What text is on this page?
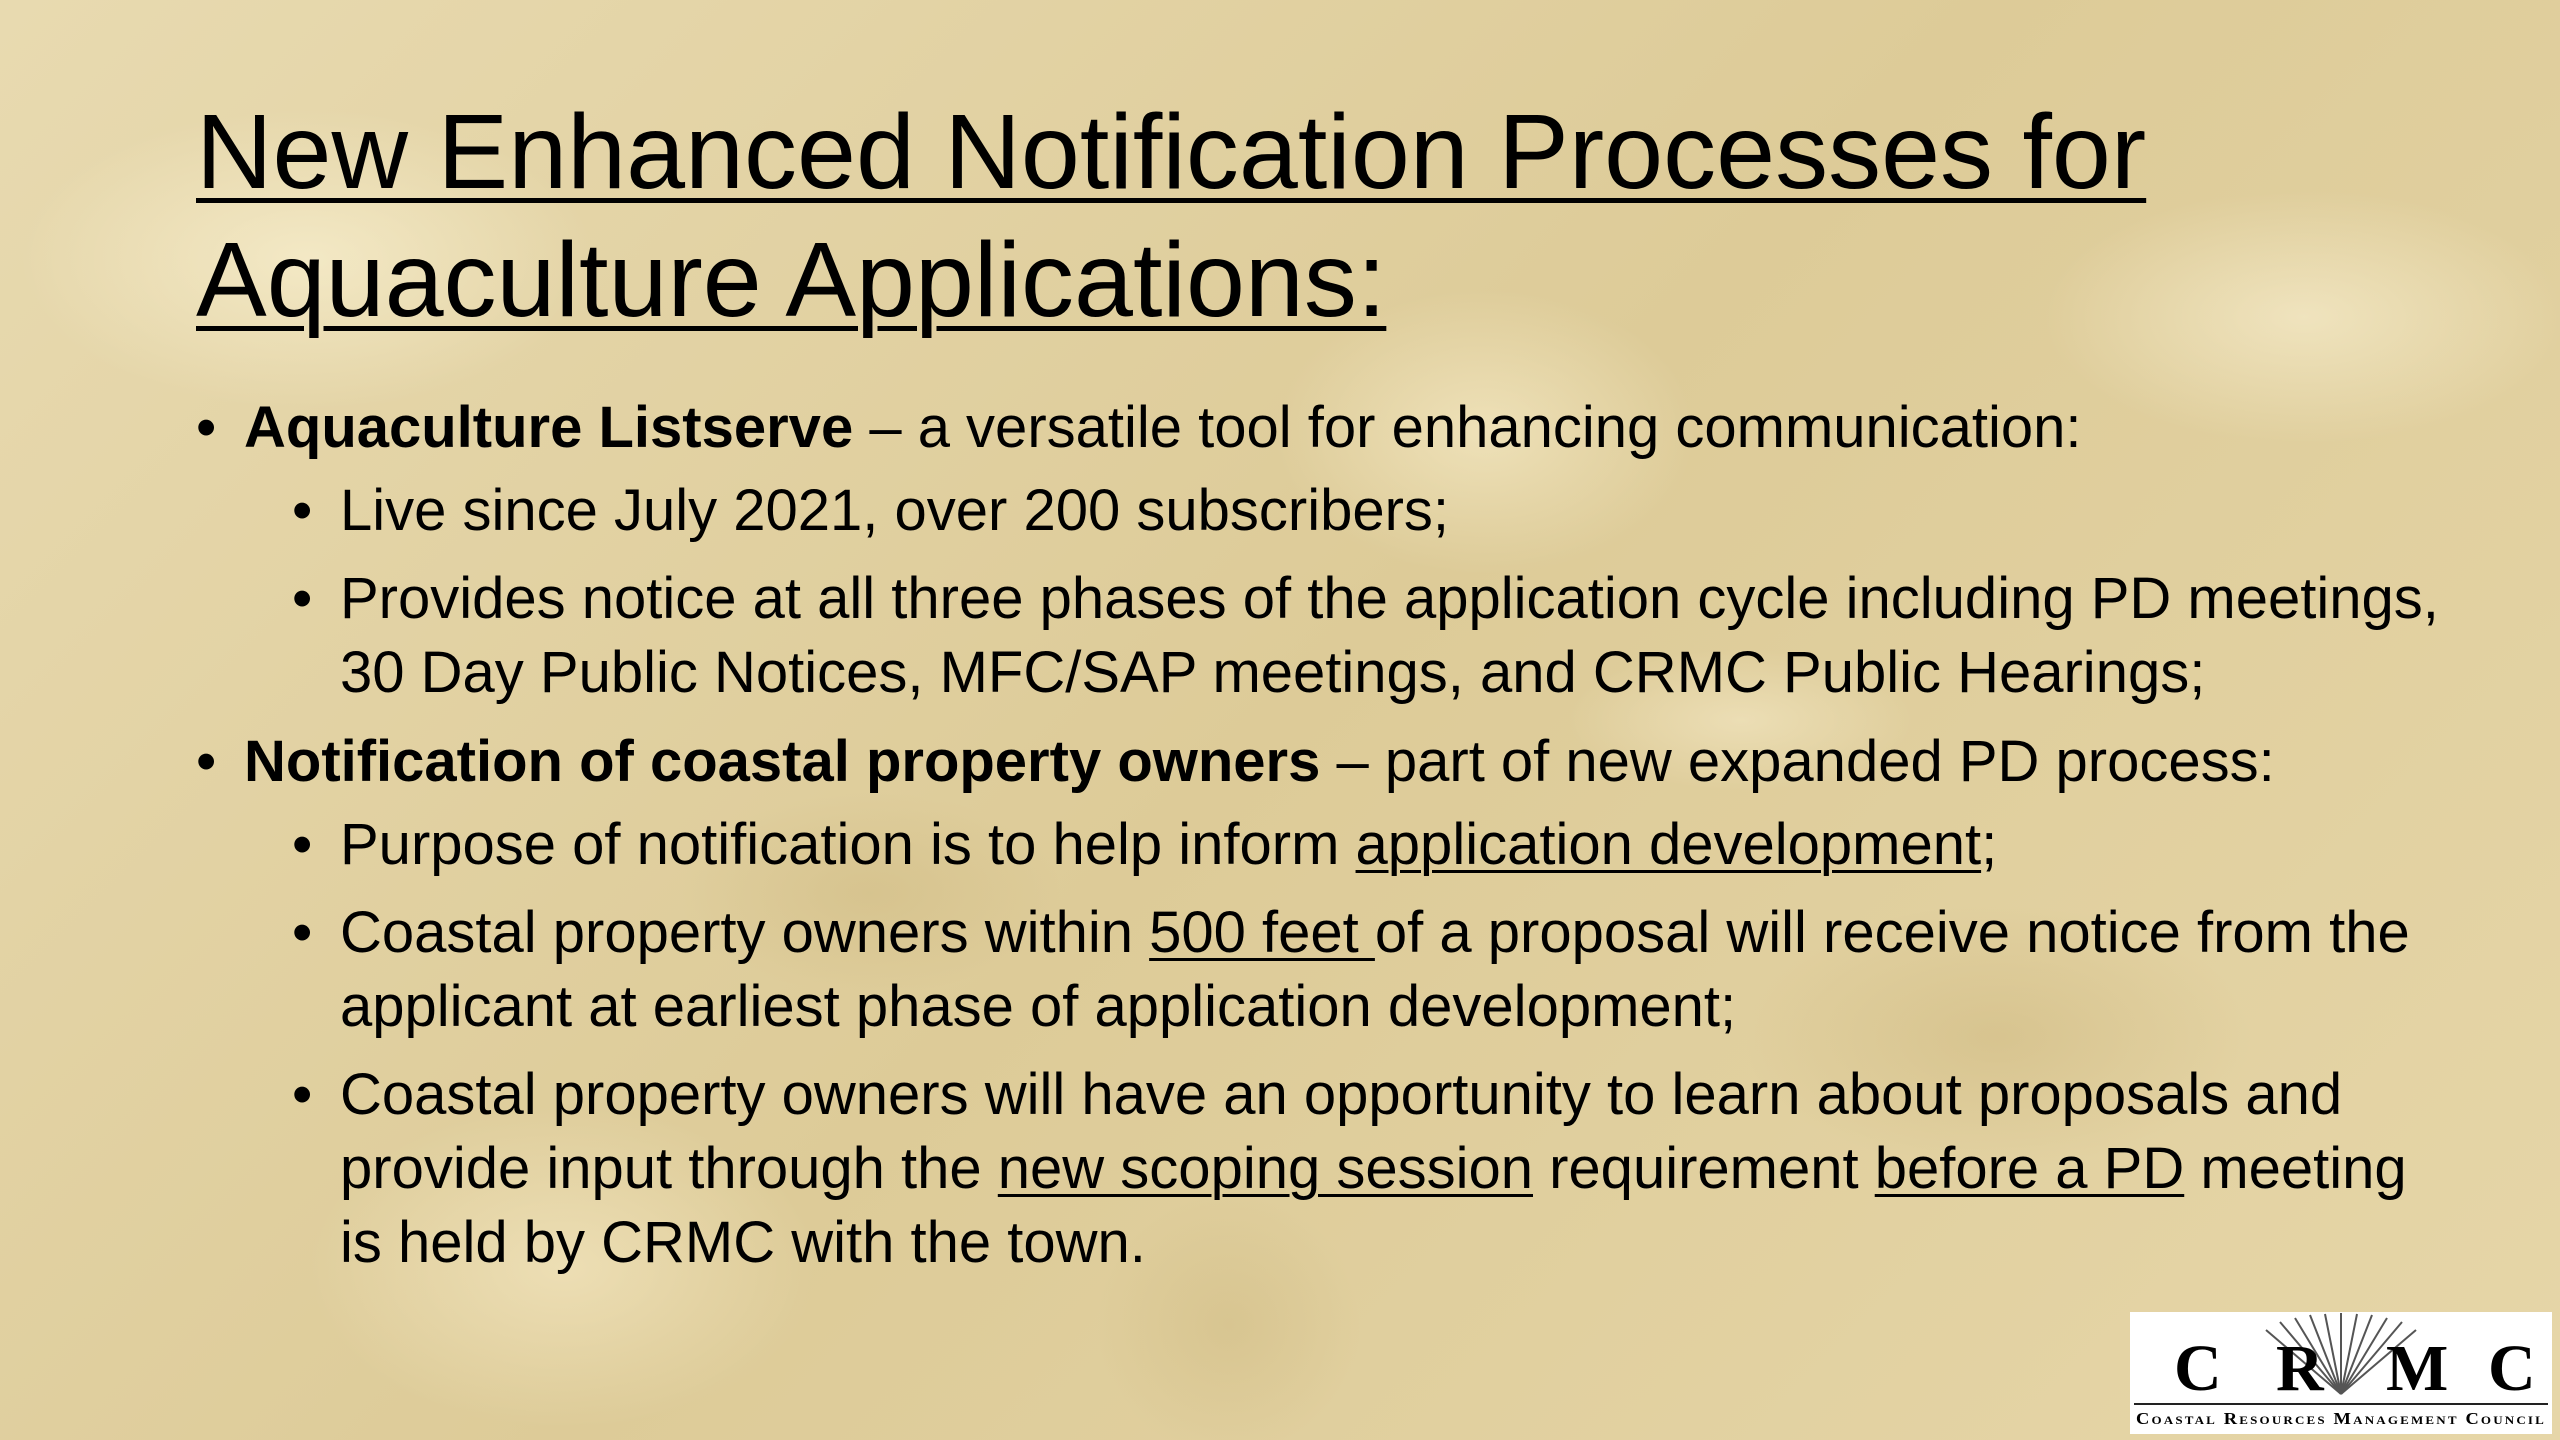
New Enhanced Notification Processes for
Aquaculture Applications:
• Aquaculture Listserve – a versatile tool for enhancing communication:
• Live since July 2021, over 200 subscribers;
• Provides notice at all three phases of the application cycle including PD meetings, 30 Day Public Notices, MFC/SAP meetings, and CRMC Public Hearings;
• Notification of coastal property owners – part of new expanded PD process:
• Purpose of notification is to help inform application development;
• Coastal property owners within 500 feet of a proposal will receive notice from the applicant at earliest phase of application development;
• Coastal property owners will have an opportunity to learn about proposals and provide input through the new scoping session requirement before a PD meeting is held by CRMC with the town.
C R M C
Coastal Resources Management Council
